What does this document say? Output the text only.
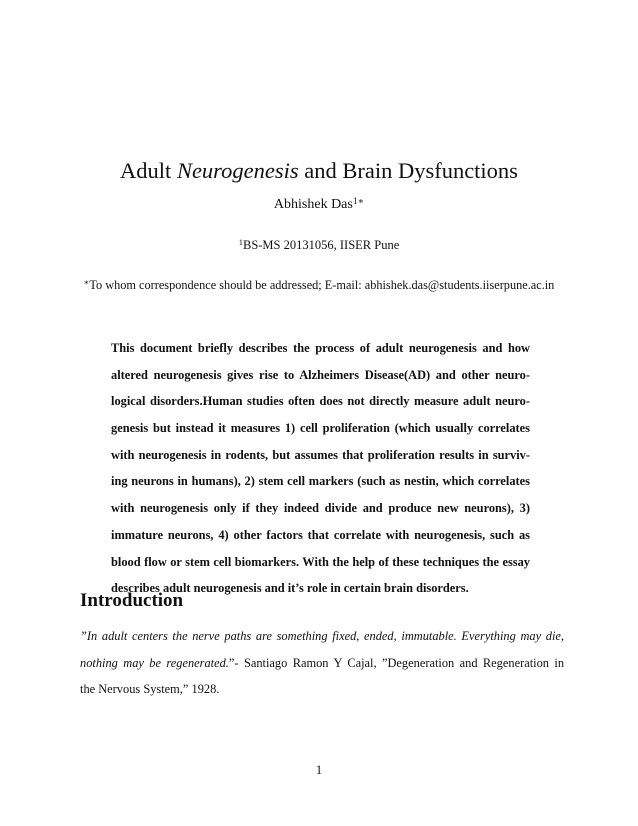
Adult Neurogenesis and Brain Dysfunctions
Abhishek Das$^{1∗}$
$^1$BS-MS 20131056, IISER Pune
∗To whom correspondence should be addressed; E-mail: abhishek.das@students.iiserpune.ac.in
This document briefly describes the process of adult neurogenesis and how
altered neurogenesis gives rise to Alzheimers Disease(AD) and other neuro-
logical disorders.Human studies often does not directly measure adult neuro-
genesis but instead it measures 1) cell proliferation (which usually correlates
with neurogenesis in rodents, but assumes that proliferation results in surviv-
ing neurons in humans), 2) stem cell markers (such as nestin, which correlates
with neurogenesis only if they indeed divide and produce new neurons), 3)
immature neurons, 4) other factors that correlate with neurogenesis, such as
blood flow or stem cell biomarkers. With the help of these techniques the essay
describes adult neurogenesis and it’s role in certain brain disorders.
Introduction
”In adult centers the nerve paths are something fixed, ended, immutable. Everything may die,
nothing may be regenerated.”- Santiago Ramon Y Cajal, ”Degeneration and Regeneration in
the Nervous System,” 1928.
1
